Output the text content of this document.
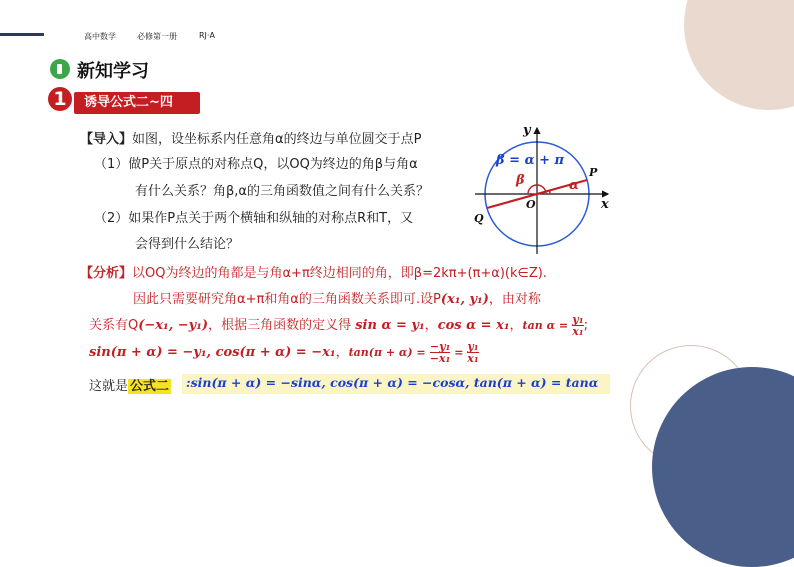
高中数学	必修第一册	RJ·A
新知学习
1	诱导公式二~四
【导入】如图，设坐标系内任意角α的终边与单位圆交于点P
（1）做P关于原点的对称点Q，以OQ为终边的角β与角α
有什么关系？角β,α的三角函数值之间有什么关系？
（2）如果作P点关于两个横轴和纵轴的对称点R和T，又
会得到什么结论？
【分析】以OQ为终边的角都是与角α+π终边相同的角，即β=2kπ+(π+α)(k∈Z).
因此只需要研究角α+π和角α的三角函数关系即可.设P(x₁, y₁)，由对称
关系有Q(−x₁, −y₁)，根据三角函数的定义得 sin α = y₁，cos α = x₁，$\tan \alpha = \frac{\text{y₁}}{\text{x₁}}$ ;
sin(π + α) = −y₁, cos(π + α) = −x₁，$\tan(\pi + \alpha) = \frac{\text{−y₁}}{\text{−x₁}} = \frac{\text{y₁}}{\text{x₁}}$
这就是 公式二 :sin(π + α) = −sinα, cos(π + α) = −cosα, tan(π + α) = tanα
y
x
O
P
Q
α
β
β = α + π
